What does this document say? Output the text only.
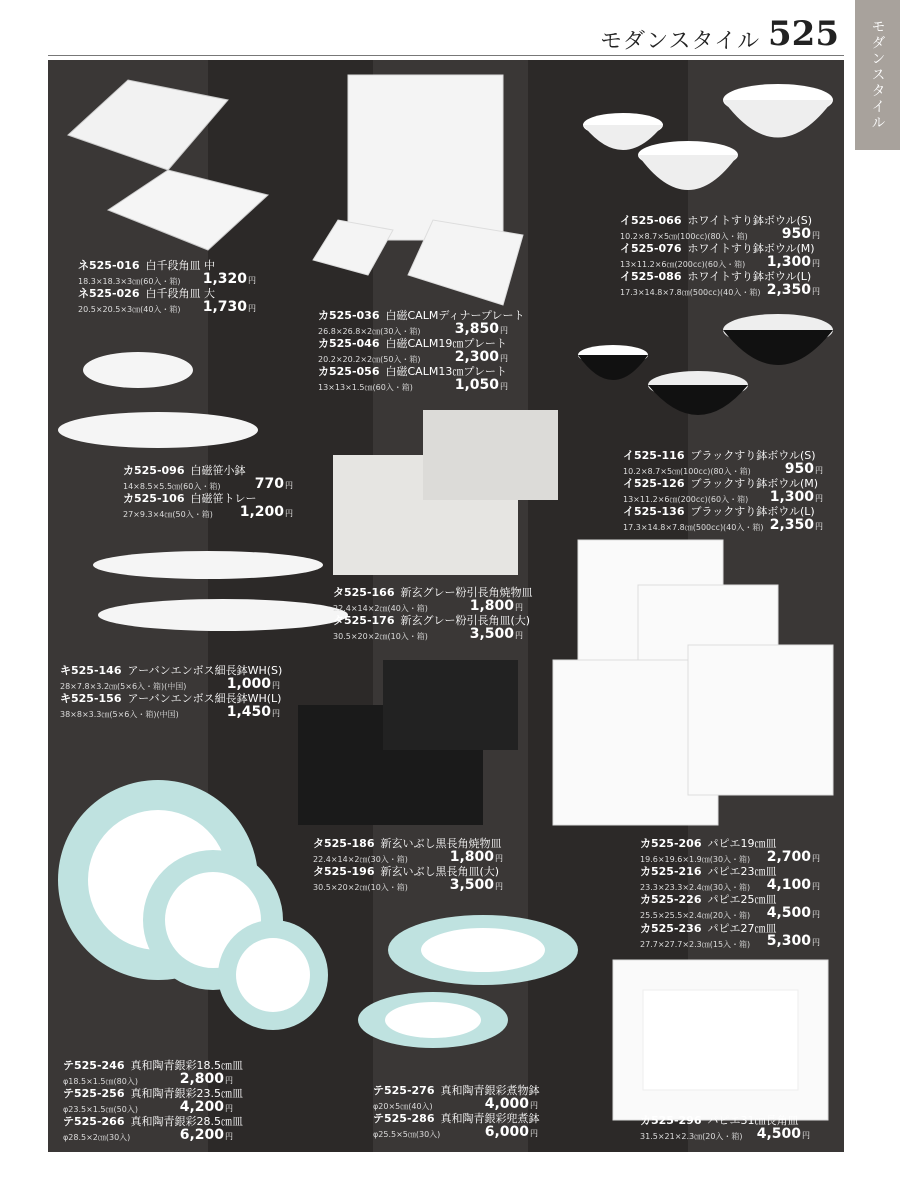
モダンスタイル 525	モダンスタイル
ネ525-016 白千段角皿 中
18.3×18.3×3㎝(60入・箱) 1,320 円
ネ525-026 白千段角皿 大
20.5×20.5×3㎝(40入・箱) 1,730 円
カ525-036 白磁CALMディナープレート
26.8×26.8×2㎝(30入・箱) 3,850 円
カ525-046 白磁CALM19㎝プレート
20.2×20.2×2㎝(50入・箱) 2,300 円
カ525-056 白磁CALM13㎝プレート
13×13×1.5㎝(60入・箱)	1,050 円
イ525-066 ホワイトすり鉢ボウル(S)
10.2×8.7×5㎝(100cc)(80入・箱) 950 円
イ525-076 ホワイトすり鉢ボウル(M)
13×11.2×6㎝(200cc)(60入・箱) 1,300 円
イ525-086 ホワイトすり鉢ボウル(L)
17.3×14.8×7.8㎝(500cc)(40入・箱) 2,350 円
カ525-096 白磁笹小鉢
14×8.5×5.5㎝(60入・箱) 770 円
カ525-106 白磁笹トレー
27×9.3×4㎝(50入・箱) 1,200 円
タ525-166 新玄グレー粉引長角焼物皿
22.4×14×2㎝(40入・箱)	1,800 円
タ525-176 新玄グレー粉引長角皿(大)
30.5×20×2㎝(10入・箱)	3,500 円
イ525-116 ブラックすり鉢ボウル(S)
10.2×8.7×5㎝(100cc)(80入・箱) 950 円
イ525-126 ブラックすり鉢ボウル(M)
13×11.2×6㎝(200cc)(60入・箱) 1,300 円
イ525-136 ブラックすり鉢ボウル(L)
17.3×14.8×7.8㎝(500cc)(40入・箱) 2,350 円
キ525-146 アーバンエンボス細長鉢WH(S)
28×7.8×3.2㎝(5×6入・箱)(中国)	1,000 円
キ525-156 アーバンエンボス細長鉢WH(L)
38×8×3.3㎝(5×6入・箱)(中国)	1,450 円
タ525-186 新玄いぶし黒長角焼物皿
22.4×14×2㎝(30入・箱)	1,800 円
タ525-196 新玄いぶし黒長角皿(大)
30.5×20×2㎝(10入・箱)	3,500 円
カ525-206 パピエ19㎝皿
19.6×19.6×1.9㎝(30入・箱) 2,700 円
カ525-216 パピエ23㎝皿
23.3×23.3×2.4㎝(30入・箱) 4,100 円
カ525-226 パピエ25㎝皿
25.5×25.5×2.4㎝(20入・箱) 4,500 円
カ525-236 パピエ27㎝皿
27.7×27.7×2.3㎝(15入・箱) 5,300 円
テ525-246 真和陶青銀彩18.5㎝皿
φ18.5×1.5㎝(80入)	2,800 円
テ525-256 真和陶青銀彩23.5㎝皿
φ23.5×1.5㎝(50入)	4,200 円
テ525-266 真和陶青銀彩28.5㎝皿
φ28.5×2㎝(30入)	6,200 円
テ525-276 真和陶青銀彩煮物鉢
φ20×5㎝(40入)	4,000 円
テ525-286 真和陶青銀彩兜煮鉢
φ25.5×5㎝(30入)	6,000 円
カ525-296 パピエ31㎝長角皿
31.5×21×2.3㎝(20入・箱) 4,500 円
